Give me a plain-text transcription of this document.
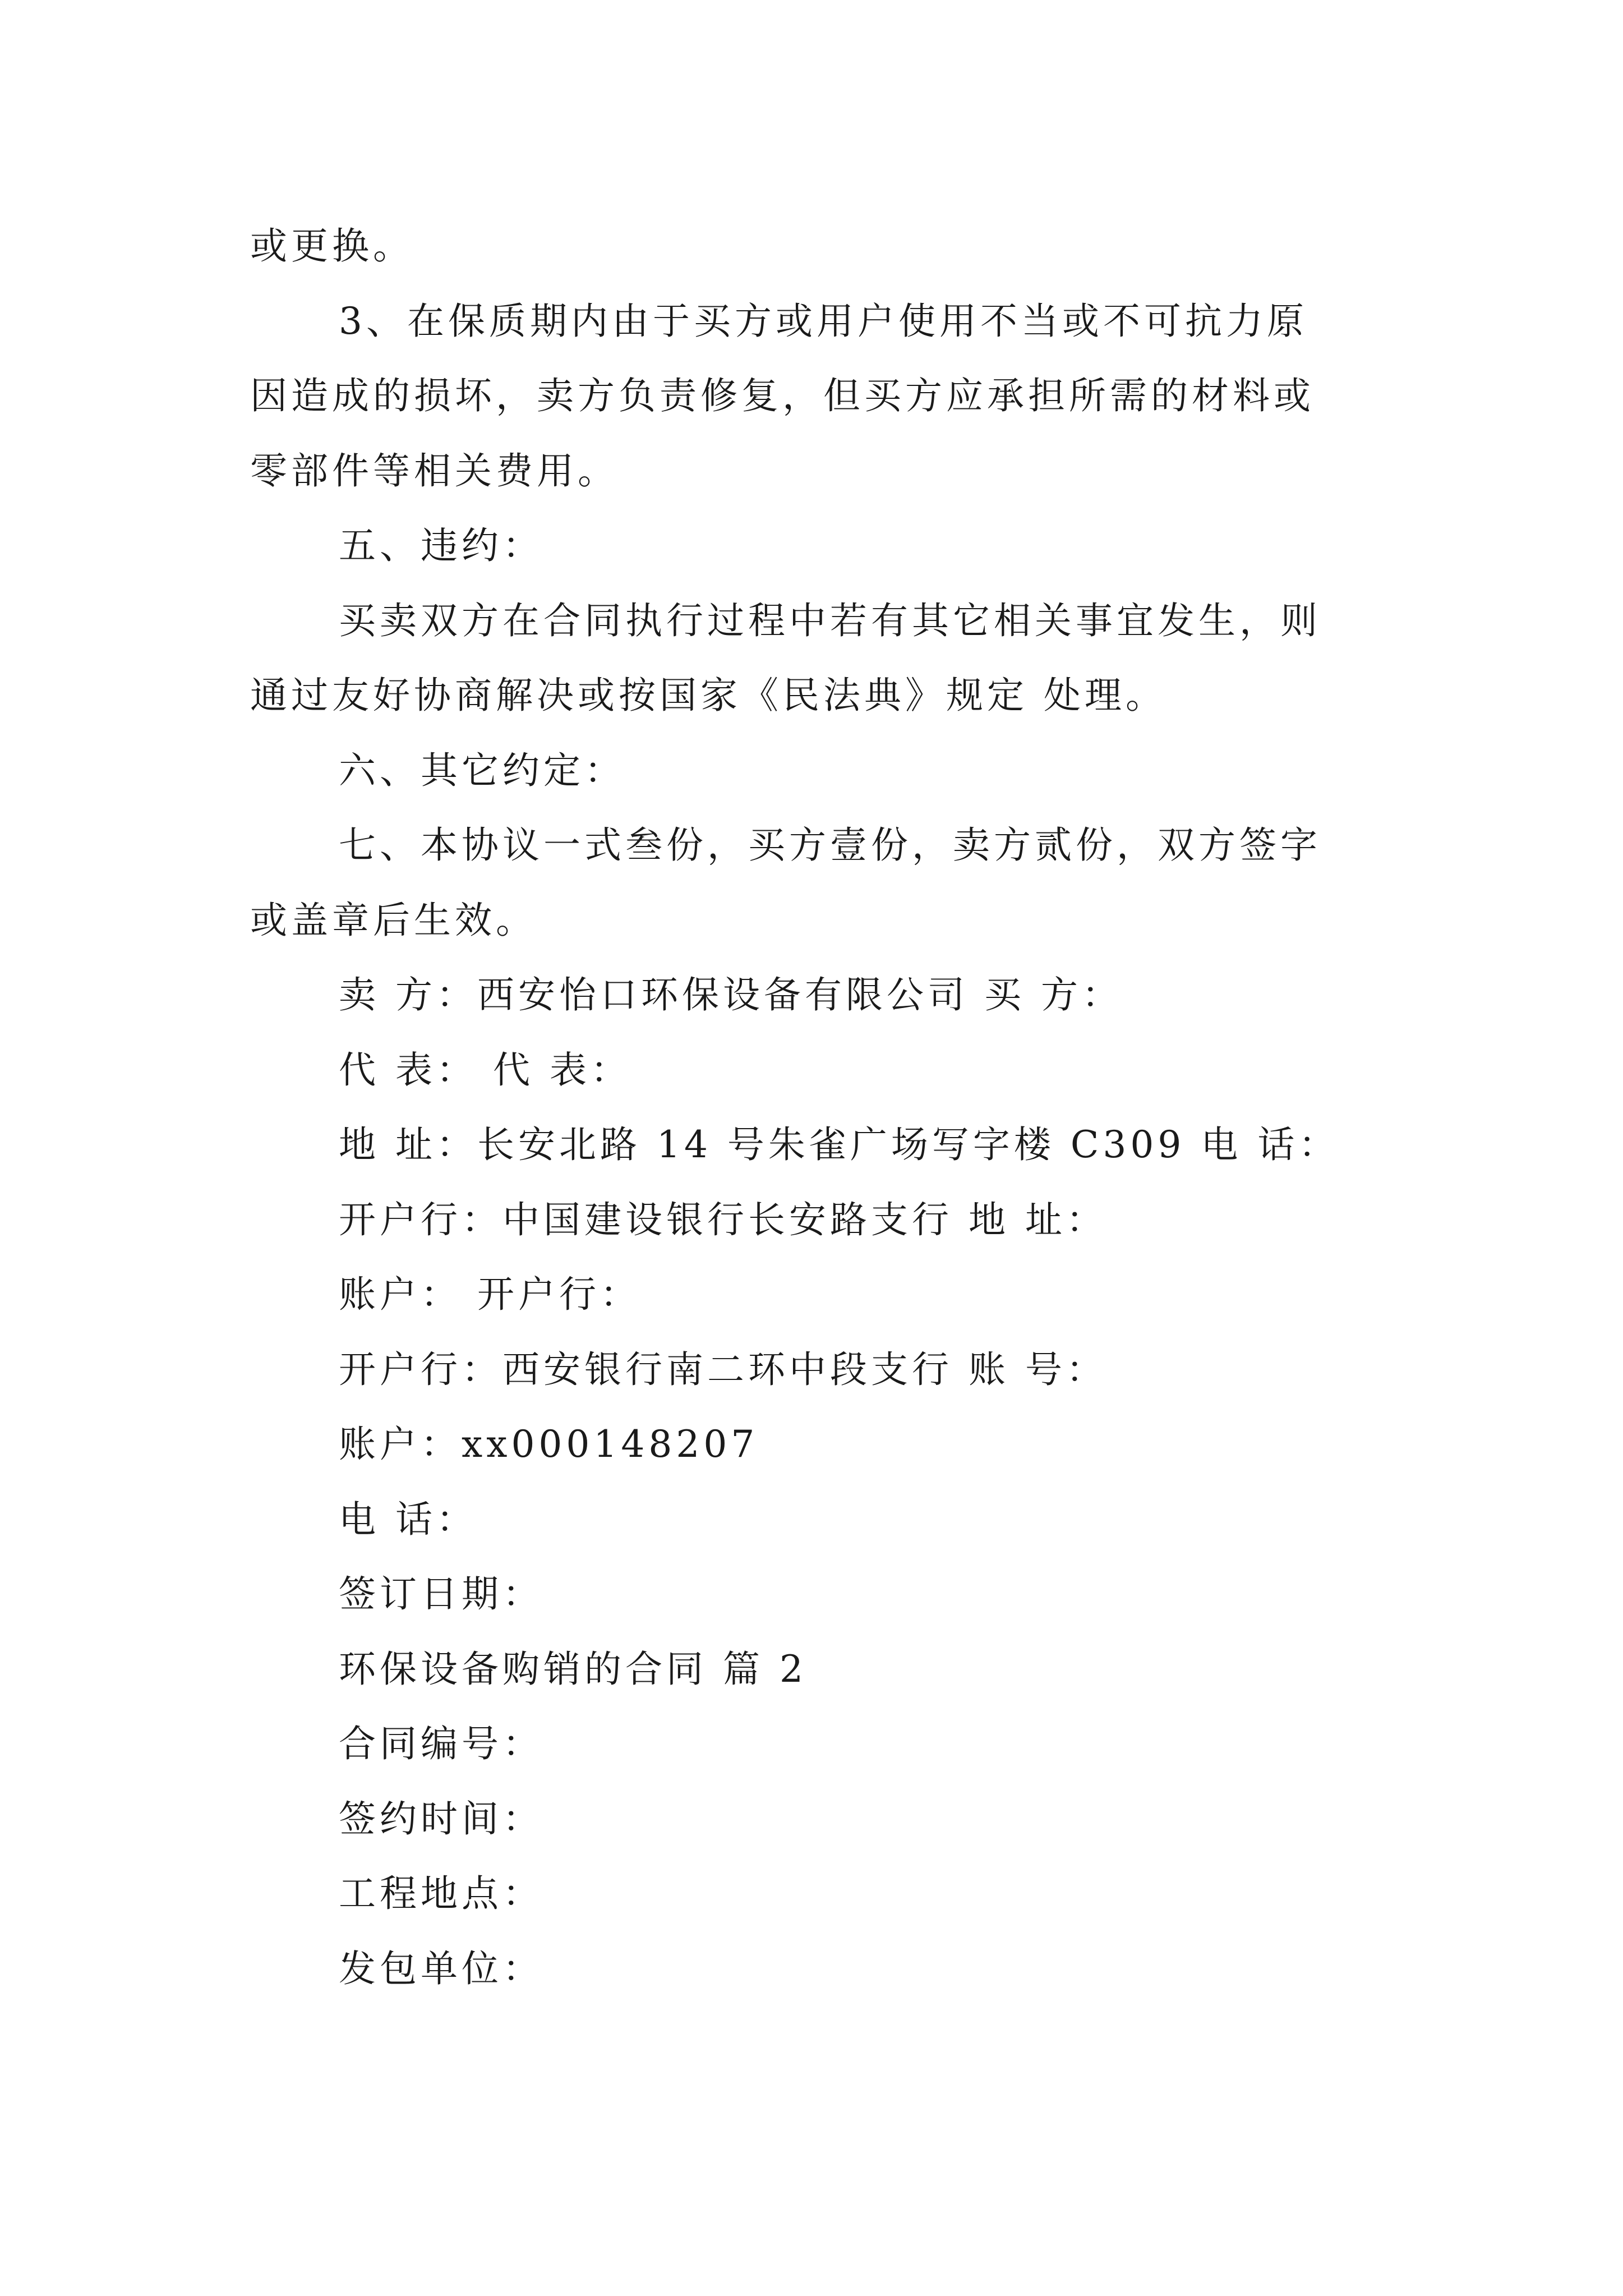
或更换。

3、在保质期内由于买方或用户使用不当或不可抗力原

因造成的损坏，卖方负责修复，但买方应承担所需的材料或

零部件等相关费用。

五、违约：

买卖双方在合同执行过程中若有其它相关事宜发生，则

通过友好协商解决或按国家《民法典》规定 处理。

六、其它约定：

七、本协议一式叁份，买方壹份，卖方贰份，双方签字

或盖章后生效。

卖 方：西安怡口环保设备有限公司 买 方：

代 表： 代 表：

地 址：长安北路 14 号朱雀广场写字楼 C309 电 话：

开户行：中国建设银行长安路支行 地 址：

账户： 开户行：

开户行：西安银行南二环中段支行 账 号：

账户：xx000148207

电 话：

签订日期：

环保设备购销的合同 篇 2

合同编号：

签约时间：

工程地点：

发包单位：
